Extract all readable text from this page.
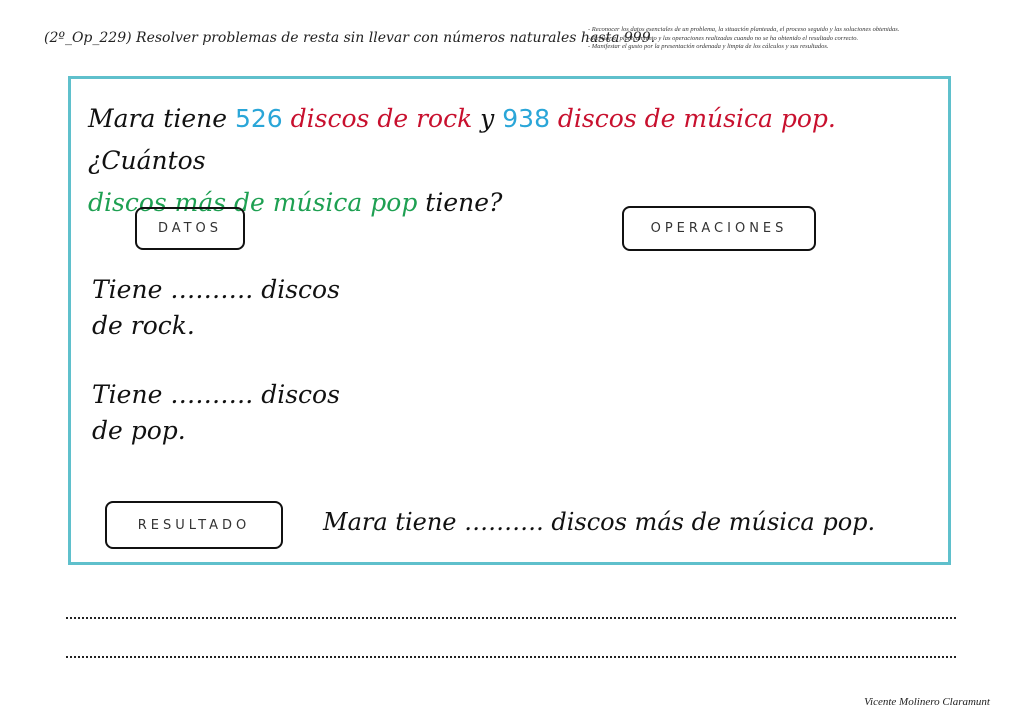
(2º_Op_229) Resolver problemas de resta sin llevar con números naturales hasta 999.
- Reconocer los datos esenciales de un problema, la situación planteada, el proceso seguido y las soluciones obtenidas.
- Revisar el planteamiento y las operaciones realizadas cuando no se ha obtenido el resultado correcto.
- Manifestar el gusto por la presentación ordenada y limpia de los cálculos y sus resultados.
Mara tiene 526 discos de rock y 938 discos de música pop. ¿Cuántos
discos más de música pop tiene?
DATOS	OPERACIONES
Tiene ………. discos
de rock.
Tiene ………. discos
de pop.
RESULTADO	Mara tiene ………. discos más de música pop.
Vicente Molinero Claramunt
